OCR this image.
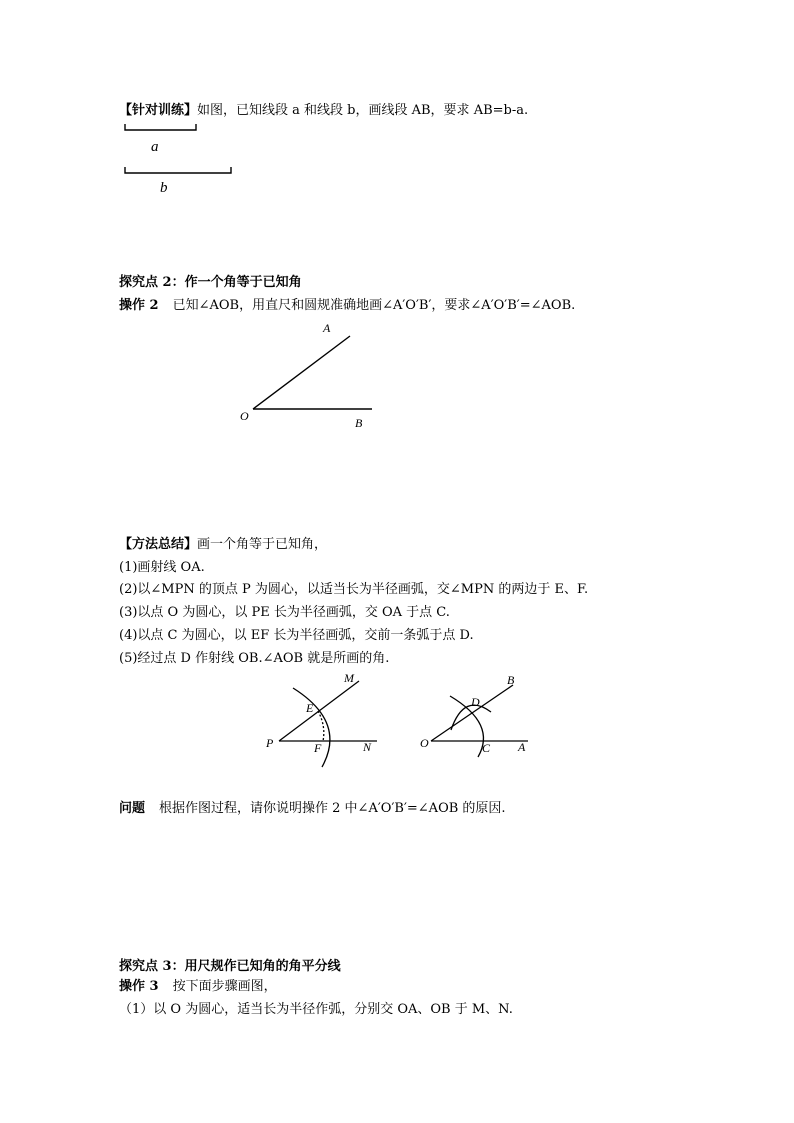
【针对训练】如图，已知线段 a 和线段 b，画线段 AB，要求 AB=b-a.
a
b
探究点 2：作一个角等于已知角
操作 2 已知∠AOB，用直尺和圆规准确地画∠A′O′B′，要求∠A′O′B′=∠AOB.
A
O	B
【方法总结】画一个角等于已知角，
(1)画射线 OA.
(2)以∠MPN 的顶点 P 为圆心，以适当长为半径画弧，交∠MPN 的两边于 E、F.
(3)以点 O 为圆心，以 PE 长为半径画弧，交 OA 于点 C.
(4)以点 C 为圆心，以 EF 长为半径画弧，交前一条弧于点 D.
(5)经过点 D 作射线 OB.∠AOB 就是所画的角.
M
E
P	F	N
B
D
O	C A
问题 根据作图过程，请你说明操作 2 中∠A′O′B′=∠AOB 的原因.
探究点 3：用尺规作已知角的角平分线
操作 3 按下面步骤画图，
（1）以 O 为圆心，适当长为半径作弧，分别交 OA、OB 于 M、N.
